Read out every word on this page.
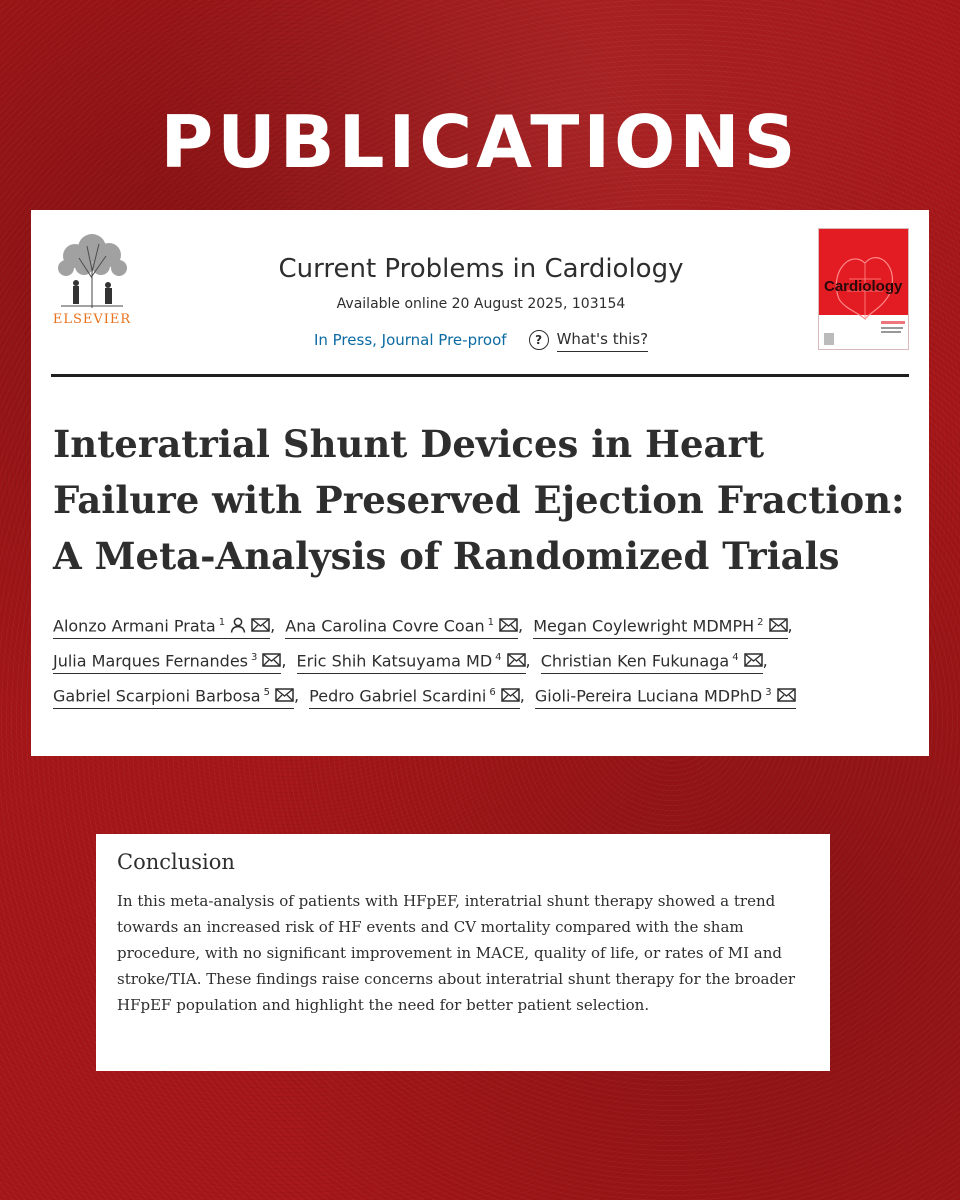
PUBLICATIONS
ELSEVIER
Current Problems in Cardiology
Available online 20 August 2025, 103154
In Press, Journal Pre-proof	? What's this?
Cardiology
Interatrial Shunt Devices in Heart Failure with Preserved Ejection Fraction: A Meta-Analysis of Randomized Trials
Alonzo Armani Prata $^1$	, Ana Carolina Covre Coan $^1$ , Megan Coylewright MDMPH $^2$ , Julia Marques Fernandes $^3$ , Eric Shih Katsuyama MD $^4$ , Christian Ken Fukunaga $^4$ , Gabriel Scarpioni Barbosa $^5$ , Pedro Gabriel Scardini $^6$ , Gioli-Pereira Luciana MDPhD $^3$
Conclusion

In this meta-analysis of patients with HFpEF, interatrial shunt therapy showed a trend towards an increased risk of HF events and CV mortality compared with the sham procedure, with no significant improvement in MACE, quality of life, or rates of MI and stroke/TIA. These findings raise concerns about interatrial shunt therapy for the broader HFpEF population and highlight the need for better patient selection.
